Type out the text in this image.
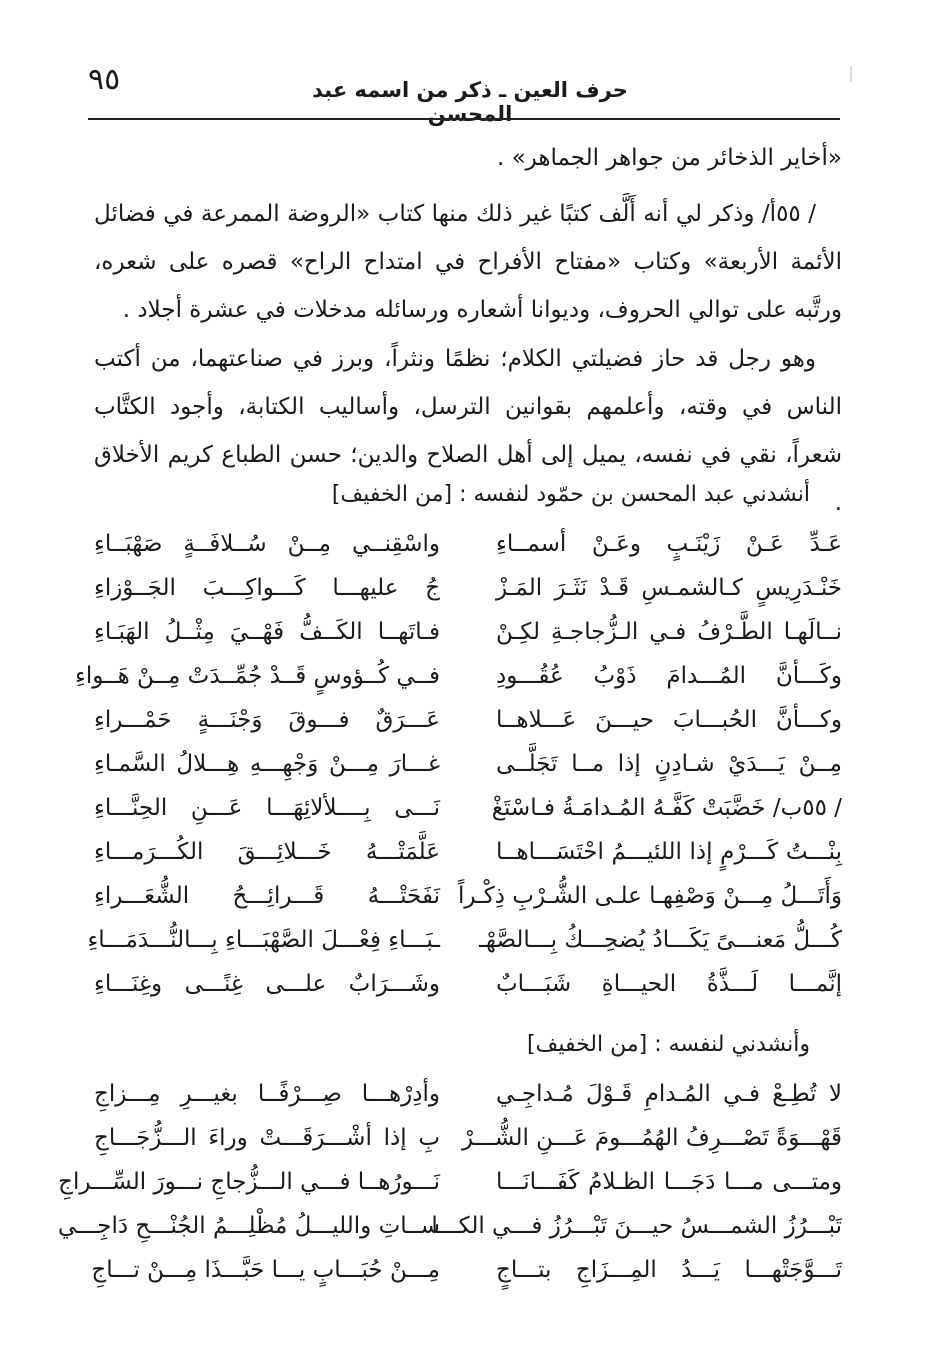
٩٥	حرف العين ـ ذكر من اسمه عبد المحسن
«أخاير الذخائر من جواهر الجماهر» .
/ ٥٥أ/ وذكر لي أنه أَلَّف كتبًا غير ذلك منها كتاب «الروضة الممرعة في فضائل الأئمة الأربعة» وكتاب «مفتاح الأفراح في امتداح الراح» قصره على شعره، ورتَّبه على توالي الحروف، وديوانا أشعاره ورسائله مدخلات في عشرة أجلاد .
وهو رجل قد حاز فضيلتي الكلام؛ نظمًا ونثراً، وبرز في صناعتهما، من أكتب الناس في وقته، وأعلمهم بقوانين الترسل، وأساليب الكتابة، وأجود الكتَّاب شعراً، نقي في نفسه، يميل إلى أهل الصلاح والدين؛ حسن الطباع كريم الأخلاق .
أنشدني عبد المحسن بن حمّود لنفسه : [من الخفيف]
عَـدِّ عَـنْ زَيْنَـبٍ وعَـنْ أسمــاءِ
واسْقِنــي مِــنْ سُــلافَــةٍ صَهْبَــاءِ
خَنْـدَرِيسٍ كـالشمـسِ قَـدْ نَثَـرَ المَـزْ
جُ عليهـــا كَـــواكِـــبَ الجَــوْزاءِ
نــالَهـا الطَّـرْفُ فـي الـزُّجاجـةِ لكِـنْ
فـاتَهــا الكَــفُّ فَهْــيَ مِثْــلُ الهَبَـاءِ
وكَـــأنَّ المُـــدامَ ذَوْبُ عُقُـــودِ
فــي كُــؤوسٍ قَــدْ جُمِّــدَتْ مِــنْ هَــواءِ
وكـــأنَّ الحُبـــابَ حيـــنَ عَـــلاهــا
عَـــرَقٌ فـــوقَ وَجْنَـــةٍ حَمْـــراءِ
مِــنْ يَـــدَيْ شـادِنٍ إذا مــا تَجَلَّــى
غـــارَ مِـــنْ وَجْهِـــهِ هِـــلالُ السَّمـاءِ
/ ٥٥ب/ خَضَّبَتْ كَفَّـهُ المُـدامَـةُ فـاسْتَغْ
نَـــى بِــــلألائِهَـــا عَـــنِ الحِنَّـــاءِ
بِنْـــتُ كَـــرْمٍ إذا اللئيـــمُ احْتَسَـــاهــا
عَلَّمَتْـــهُ خَـــلائِـــقَ الكُـــرَمـــاءِ
وَأَتَـــلُ مِـــنْ وَصْفِهـا علـى الشُّـرْبِ ذِكْـراً
نَفَحَتْـــهُ قَـــرائِـــحُ الشُّعَـــراءِ
كُـــلُّ مَعنـــىً يَكَـــادُ يُضحِـــكُ بِـــالصَّهْـ
ـبَـــاءِ فِعْـــلَ الصَّهْبَـــاءِ بِـــالنُّـــدَمَـــاءِ
إنَّمـــا لَـــذَّةُ الحيـــاةِ شَبَـــابٌ
وشَـــرَابٌ علـــى غِنًـــى وغِنَـــاءِ
وأنشدني لنفسه : [من الخفيف]
لا تُطِـعْ فـي المُـدامِ قَـوْلَ مُـداجِـي
وأدِرْهـــا صِـــرْفًــا بغيـــرِ مِـــزاجِ
قَهْـــوَةً تَصْـــرِفُ الهُمُـــومَ عَـــنِ الشُّـــرْ
بِ إذا أشْـــرَقَـــتْ وراءَ الـــزُّجَـــاجِ
ومتـــى مـــا دَجَـــا الظـلامُ كَفَـــانَـــا
نَـــورُهــا فـــي الـــزُّجاجِ نـــورَ السِّـــراجِ
تَبْـــرُزُ الشمـــسُ حيـــنَ تَبْـــرُزُ فـــي الكـــا
ســاتِ والليـــلُ مُظْلِـــمُ الجُنْـــحِ دَاجِـــي
تَـــوَّجَتْهـــا يَـــدُ المِـــزَاجِ بتـــاجٍ
مِـــنْ حُبَـــابٍ يـــا حَبَّـــذَا مِـــنْ تـــاجِ
